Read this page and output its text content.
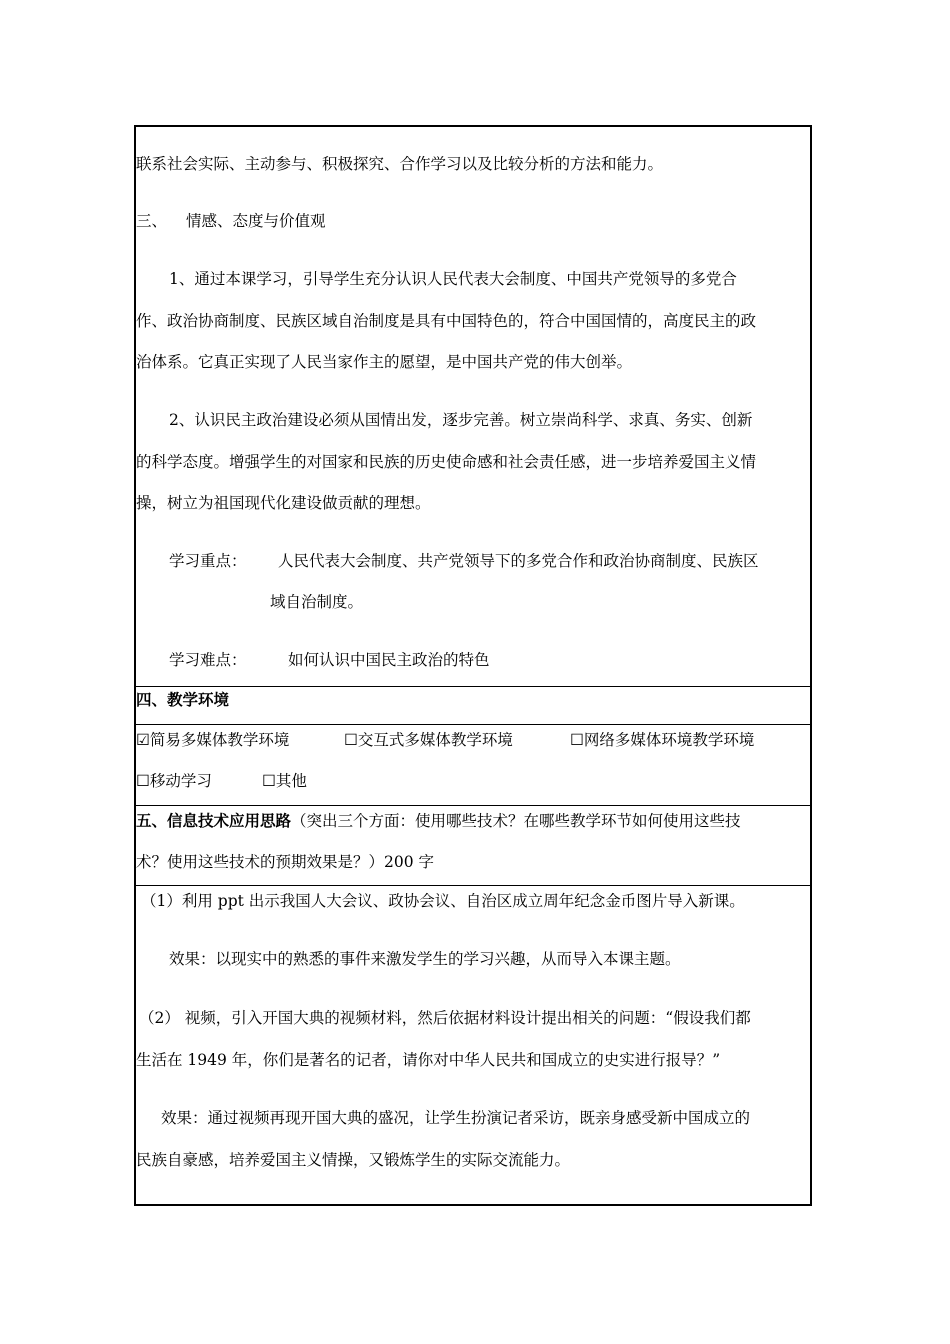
联系社会实际、主动参与、积极探究、合作学习以及比较分析的方法和能力。
三、 情感、态度与价值观
1、通过本课学习，引导学生充分认识人民代表大会制度、中国共产党领导的多党合
作、政治协商制度、民族区域自治制度是具有中国特色的，符合中国国情的，高度民主的政
治体系。它真正实现了人民当家作主的愿望，是中国共产党的伟大创举。
2、认识民主政治建设必须从国情出发，逐步完善。树立崇尚科学、求真、务实、创新
的科学态度。增强学生的对国家和民族的历史使命感和社会责任感，进一步培养爱国主义情
操，树立为祖国现代化建设做贡献的理想。
学习重点： 人民代表大会制度、共产党领导下的多党合作和政治协商制度、民族区
域自治制度。
学习难点：	如何认识中国民主政治的特色
四、教学环境
☑简易多媒体教学环境	☐交互式多媒体教学环境	☐网络多媒体环境教学环境
☐移动学习	☐其他
五、信息技术应用思路（突出三个方面：使用哪些技术？在哪些教学环节如何使用这些技
术？使用这些技术的预期效果是？）200 字
（1）利用 ppt 出示我国人大会议、政协会议、自治区成立周年纪念金币图片导入新课。
效果：以现实中的熟悉的事件来激发学生的学习兴趣，从而导入本课主题。
（2） 视频，引入开国大典的视频材料，然后依据材料设计提出相关的问题：“假设我们都
生活在 1949 年，你们是著名的记者，请你对中华人民共和国成立的史实进行报导？”
效果：通过视频再现开国大典的盛况，让学生扮演记者采访，既亲身感受新中国成立的
民族自豪感，培养爱国主义情操，又锻炼学生的实际交流能力。
